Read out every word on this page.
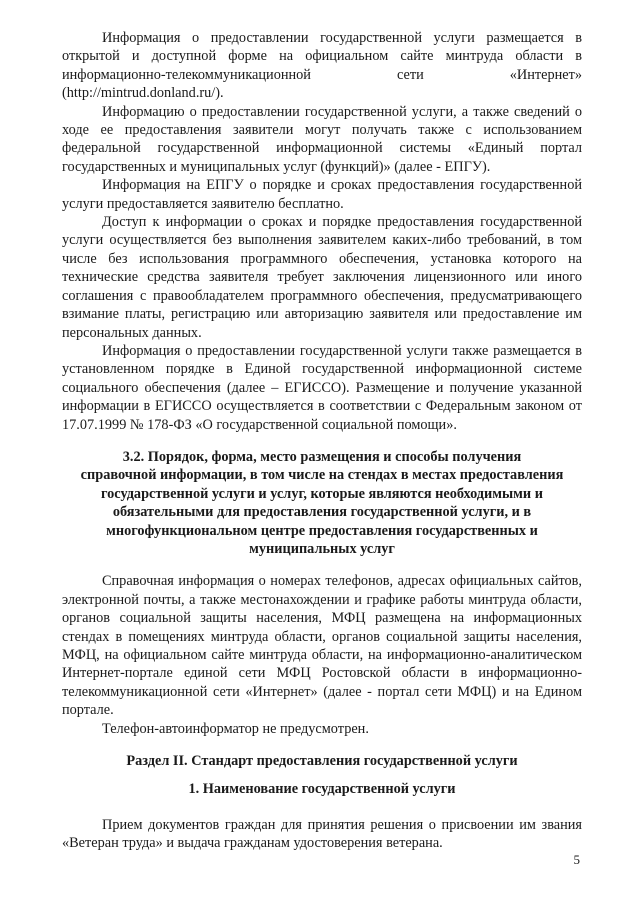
Информация о предоставлении государственной услуги размещается в открытой и доступной форме на официальном сайте минтруда области в информационно-телекоммуникационной сети «Интернет» (http://mintrud.donland.ru/).

Информацию о предоставлении государственной услуги, а также сведений о ходе ее предоставления заявители могут получать также с использованием федеральной государственной информационной системы «Единый портал государственных и муниципальных услуг (функций)» (далее - ЕПГУ).

Информация на ЕПГУ о порядке и сроках предоставления государственной услуги предоставляется заявителю бесплатно.

Доступ к информации о сроках и порядке предоставления государственной услуги осуществляется без выполнения заявителем каких-либо требований, в том числе без использования программного обеспечения, установка которого на технические средства заявителя требует заключения лицензионного или иного соглашения с правообладателем программного обеспечения, предусматривающего взимание платы, регистрацию или авторизацию заявителя или предоставление им персональных данных.

Информация о предоставлении государственной услуги также размещается в установленном порядке в Единой государственной информационной системе социального обеспечения (далее – ЕГИССО). Размещение и получение указанной информации в ЕГИССО осуществляется в соответствии с Федеральным законом от 17.07.1999 № 178-ФЗ «О государственной социальной помощи».

3.2. Порядок, форма, место размещения и способы получения
справочной информации, в том числе на стендах в местах предоставления
государственной услуги и услуг, которые являются необходимыми и
обязательными для предоставления государственной услуги, и в
многофункциональном центре предоставления государственных и
муниципальных услуг

Справочная информация о номерах телефонов, адресах официальных сайтов, электронной почты, а также местонахождении и графике работы минтруда области, органов социальной защиты населения, МФЦ размещена на информационных стендах в помещениях минтруда области, органов социальной защиты населения, МФЦ, на официальном сайте минтруда области, на информационно-аналитическом Интернет-портале единой сети МФЦ Ростовской области в информационно-телекоммуникационной сети «Интернет» (далее - портал сети МФЦ) и на Едином портале.

Телефон-автоинформатор не предусмотрен.

Раздел II. Стандарт предоставления государственной услуги
1. Наименование государственной услуги

Прием документов граждан для принятия решения о присвоении им звания «Ветеран труда» и выдача гражданам удостоверения ветерана.

5
